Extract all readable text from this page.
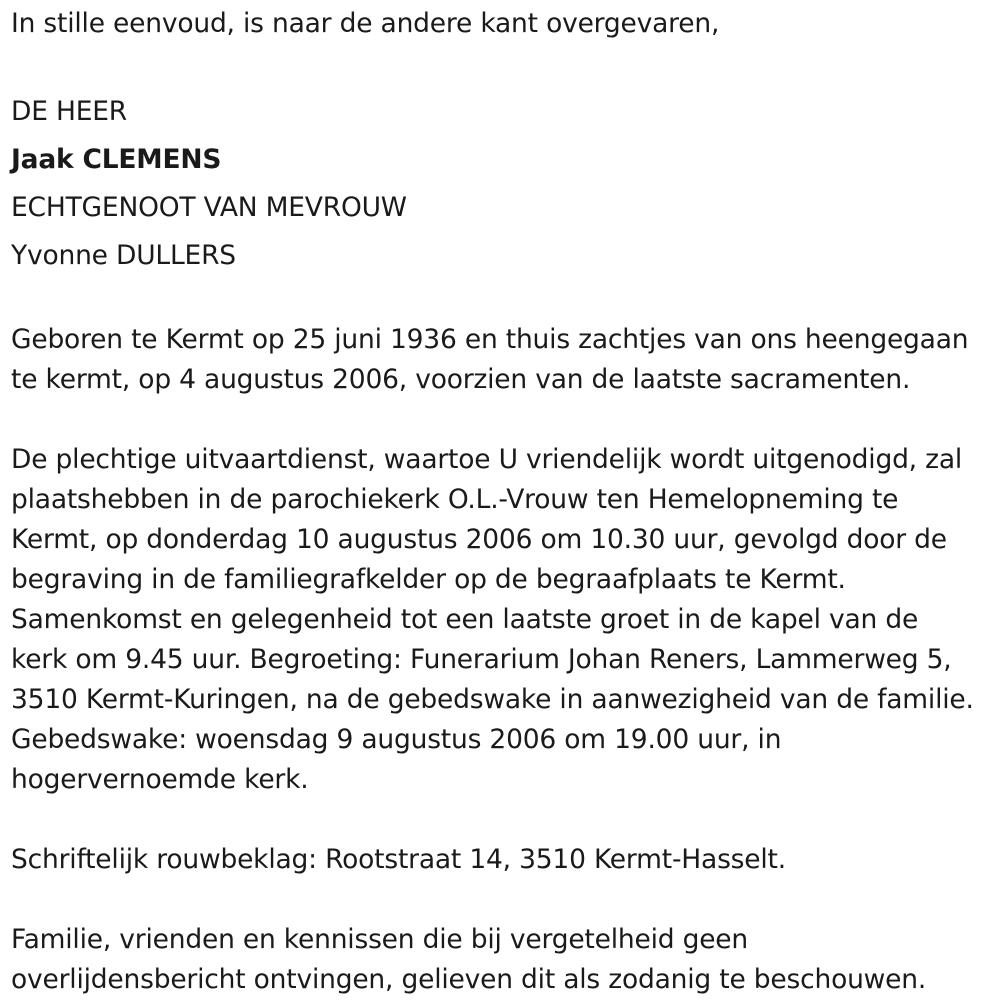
In stille eenvoud, is naar de andere kant overgevaren,
DE HEER
Jaak CLEMENS
ECHTGENOOT VAN MEVROUW
Yvonne DULLERS
Geboren te Kermt op 25 juni 1936 en thuis zachtjes van ons heengegaan
te kermt, op 4 augustus 2006, voorzien van de laatste sacramenten.
De plechtige uitvaartdienst, waartoe U vriendelijk wordt uitgenodigd, zal
plaatshebben in de parochiekerk O.L.-Vrouw ten Hemelopneming te
Kermt, op donderdag 10 augustus 2006 om 10.30 uur, gevolgd door de
begraving in de familiegrafkelder op de begraafplaats te Kermt.
Samenkomst en gelegenheid tot een laatste groet in de kapel van de
kerk om 9.45 uur. Begroeting: Funerarium Johan Reners, Lammerweg 5,
3510 Kermt-Kuringen, na de gebedswake in aanwezigheid van de familie.
Gebedswake: woensdag 9 augustus 2006 om 19.00 uur, in
hogervernoemde kerk.
Schriftelijk rouwbeklag: Rootstraat 14, 3510 Kermt-Hasselt.
Familie, vrienden en kennissen die bij vergetelheid geen
overlijdensbericht ontvingen, gelieven dit als zodanig te beschouwen.
